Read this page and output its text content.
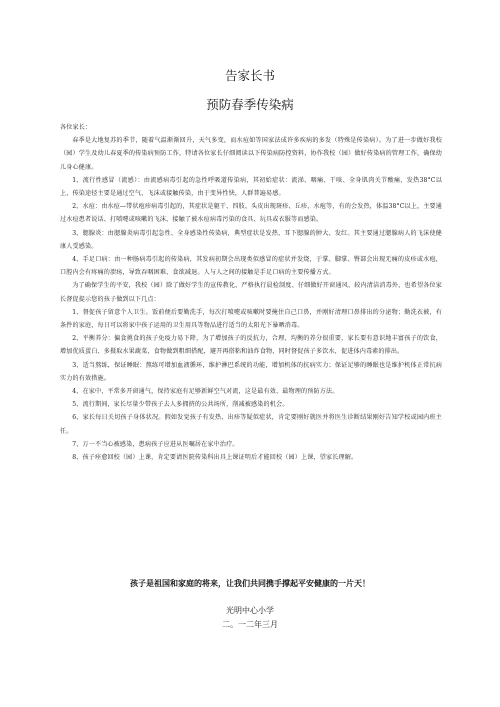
告家长书
预防春季传染病

各位家长：

春季是大地复苏的季节，随着气温渐渐回升，天气多变，而水痘如等国家法成许多疾病的多发（特殊是传染病）。为了进一步做好我校（园）学生及幼儿春夏季的传染病预防工作，特请各位家长仔细阅读以下传染病防控资料，协作我校（园）做好传染病的管理工作，确保幼儿身心健康。

1、流行性感冒（流感）：由流感病毒引起的急性呼吸道传染病，其初始症状：流涕、咽痛、干咳、全身肌肉关节酸痛，发热38°C以上，传染途径主要是通过空气、飞沫或接触传染，由于变异性快，人群普遍易感。

2、水痘：由水痘—带状疱疹病毒引起的，其症状是躯干、四肢、头皮出现斑疹、丘疹、水疱等，有的会发热，体温38°C以上，主要通过水痘患者说话、打喷嚏或咳嗽的飞沫、接触了被水痘病毒污染的食具、玩具或衣服等而感染。

3、腮腺炎：由腮腺炎病毒引起急性、全身感染性传染病，典型症状是发热、耳下腮腺的肿大、发红。其主要通过腮腺病人的飞沫使健康人受感染。

4、手足口病：由一种肠病毒引起的传染病，其发病初期会出现类似感冒的症状并发烧，于掌、脚掌、臀部会出现无痛的皮疹或水疱，口腔内会有疼痛的溃疡，导致吞咽困难、食欲减退。人与人之间的接触是手足口病的主要传播方式。

为了确保学生的平安，我校（园）除了做好学生的宣传教化、严格执行晨检制度、仔细做好开窗通风、较内清洁消毒外，也希望各位家长督促提示您的孩子做到以下几点：

1、督促孩子留意个人卫生。饭前便后要勤洗手，每次打喷嚏或咳嗽时要掩住自己口鼻，并刚好清理口鼻排出的分泌物；勤洗衣被，有条件的家庭，每日可以将家中孩子运用的卫生用具等物品进行适当的太阳光下暴晒消毒。

2、平衡养分：偏食挑食的孩子免疫力易下降，为了增加孩子的反抗力，合理、均衡的养分很重要，家长要有意识地丰富孩子的饮食，增加优质蛋白、多摄取水果蔬菜，食物做到粗细搭配，避开再搭粘和油炸食物，同时督促孩子多饮水，促进体内毒素的排出。

3、适当熬练，保证睡眠：熬练可增加血液循环，维护淋巴系统的功能，增加机体的抗病实力；保证足够的睡眠也是维护机体正常抗病实力的有效措施。

4、在家中，平常多开窗通气，保持家庭有足够新鲜空气对流，这是最有效、最物理的预防方法。

5、流行期间，家长尽量少带孩子去人多拥挤的公共场所，削减被感染的机会。

6、家长每日关切孩子身体状况。假如发觉孩子有发热、出疹等疑似症状，肯定要刚好就医并将医生诊断结果刚好告知学校或园内班主任。

7、万一不当心被感染，患病孩子应进从医嘱居在家中治疗。

8、孩子痊愈回校（园）上课，肯定要请医院传染科出具上课证明后才能回校（园）上课，望家长理解。

孩子是祖国和家庭的将来，让我们共同携手撑起平安健康的一片天！
光明中心小学
二。一二年三月
